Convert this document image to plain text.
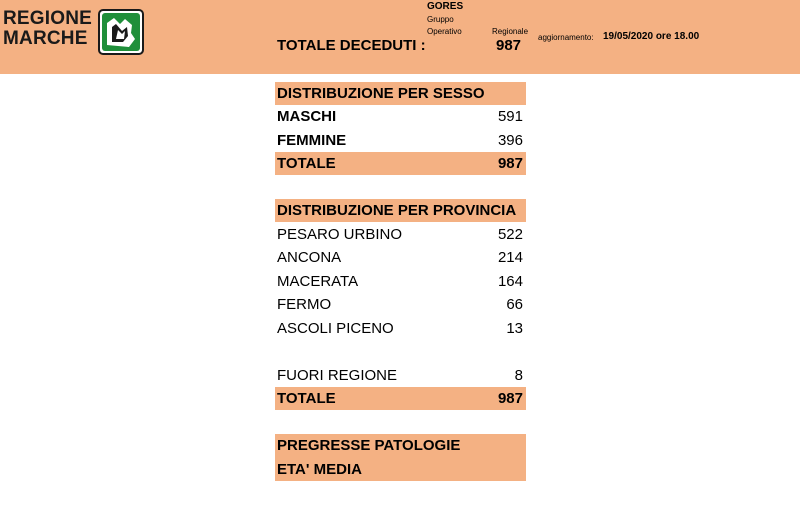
REGIONE
MARCHE
GORES
Gruppo
Operativo	Regionale
TOTALE DECEDUTI :	987 aggiornamento: 19/05/2020 ore 18.00
DISTRIBUZIONE PER SESSO
MASCHI	591
FEMMINE	396
TOTALE	987
DISTRIBUZIONE PER PROVINCIA
PESARO URBINO	522
ANCONA	214
MACERATA	164
FERMO	66
ASCOLI PICENO	13
FUORI REGIONE	8
TOTALE	987
PREGRESSE PATOLOGIE
ETA' MEDIA
